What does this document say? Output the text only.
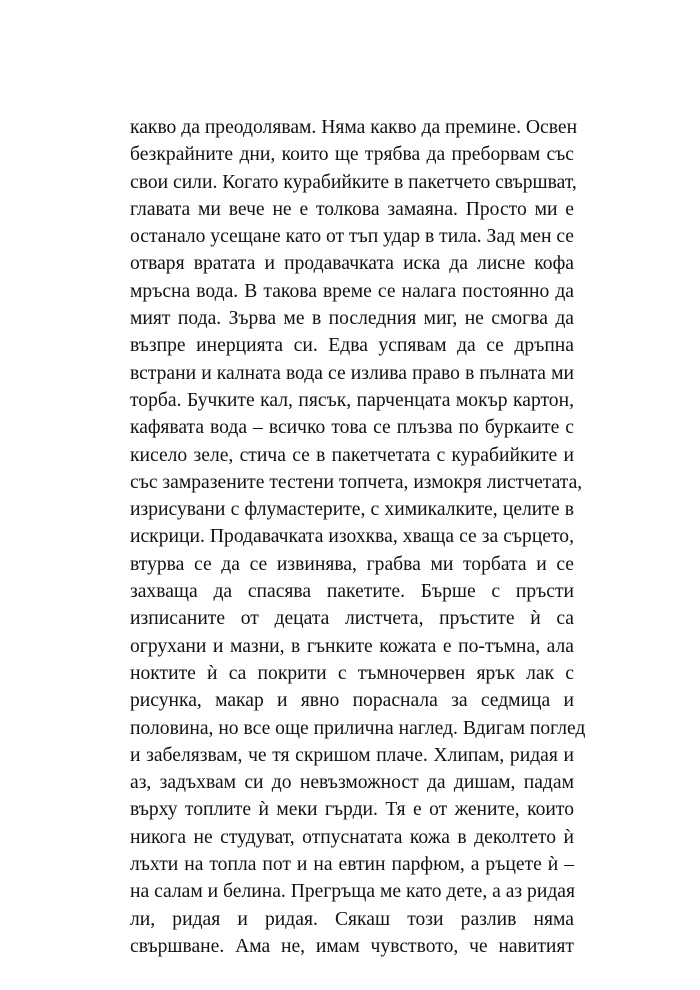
какво да преодолявам. Няма какво да премине. Освен
безкрайните дни, които ще трябва да преборвам със
свои сили. Когато курабийките в пакетчето свършват,
главата ми вече не е толкова замаяна. Просто ми е
останало усещане като от тъп удар в тила. Зад мен се
отваря вратата и продавачката иска да лисне кофа
мръсна вода. В такова време се налага постоянно да
мият пода. Зърва ме в последния миг, не смогва да
възпре инерцията си. Едва успявам да се дръпна
встрани и калната вода се излива право в пълната ми
торба. Бучките кал, пясък, парченцата мокър картон,
кафявата вода – всичко това се плъзва по буркаите с
кисело зеле, стича се в пакетчетата с курабийките и
със замразените тестени топчета, измокря листчетата,
изрисувани с флумастерите, с химикалките, целите в
искрици. Продавачката изохква, хваща се за сърцето,
втурва се да се извинява, грабва ми торбата и се
захваща да спасява пакетите. Бърше с пръсти
изписаните от децата листчета, пръстите ѝ са
огрухани и мазни, в гънките кожата е по-тъмна, ала
ноктите ѝ са покрити с тъмночервен ярък лак с
рисунка, макар и явно порасналa за седмица и
половина, но все още прилична наглед. Вдигам поглед
и забелязвам, че тя скришом плаче. Хлипам, ридая и
аз, задъхвам си до невъзможност да дишам, падам
върху топлите ѝ меки гърди. Тя е от жените, които
никога не студуват, отпуснатата кожа в деколтето ѝ
лъхти на топла пот и на евтин парфюм, а ръцете ѝ –
на салам и белина. Прегръща ме като дете, а аз ридая
ли, ридая и ридая. Сякаш този разлив няма
свършване. Ама не, имам чувството, че навитият
